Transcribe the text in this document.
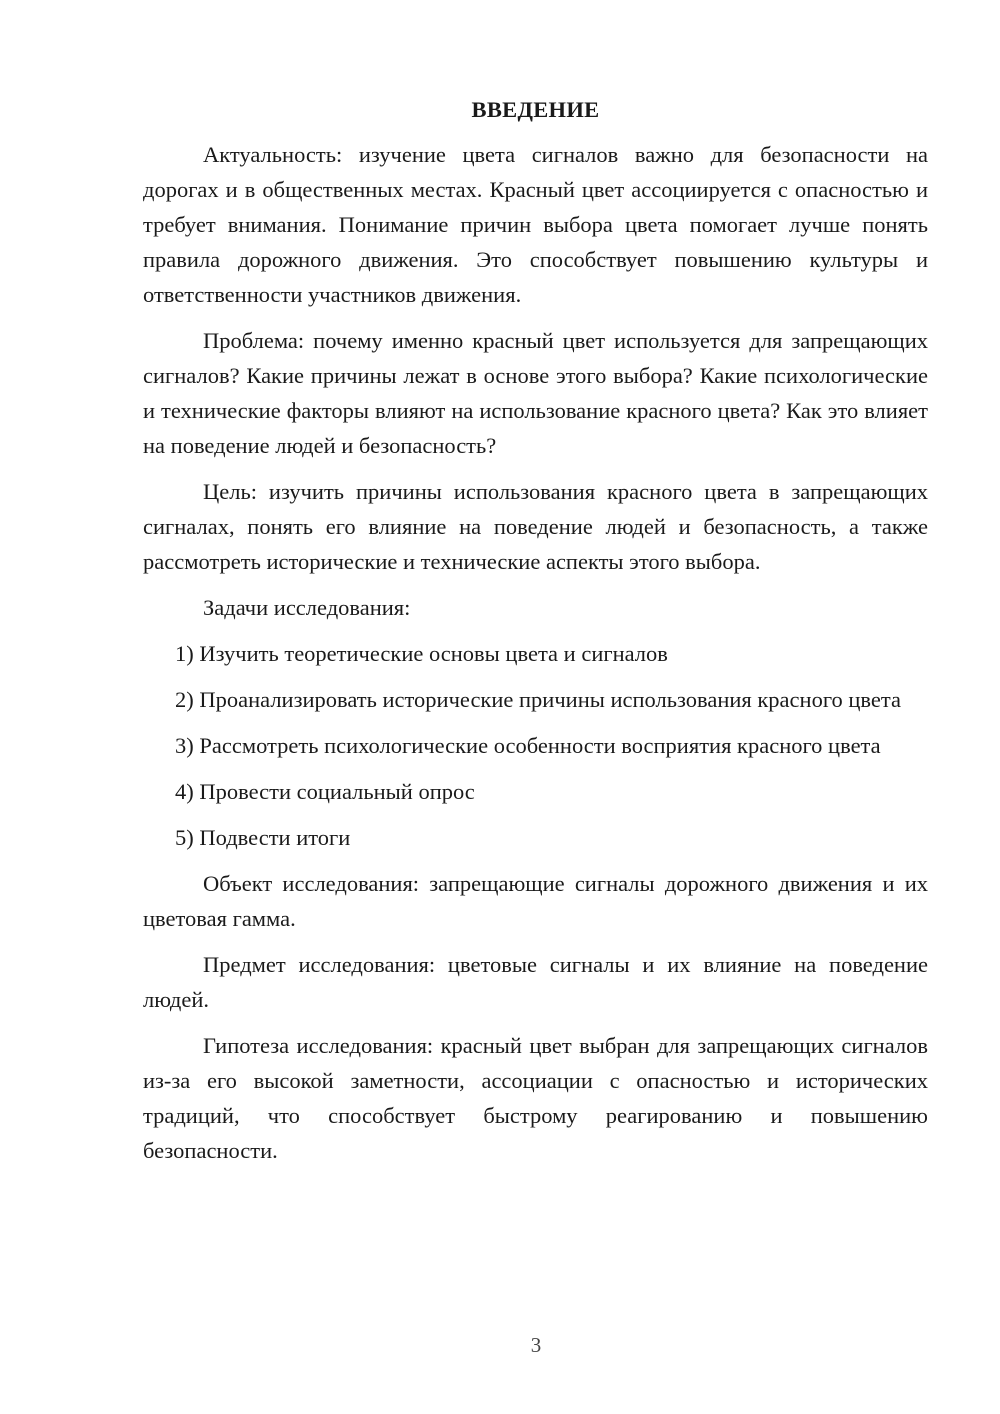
ВВЕДЕНИЕ

Актуальность: изучение цвета сигналов важно для безопасности на дорогах и в общественных местах. Красный цвет ассоциируется с опасностью и требует внимания. Понимание причин выбора цвета помогает лучше понять правила дорожного движения. Это способствует повышению культуры и ответственности участников движения.

Проблема: почему именно красный цвет используется для запрещающих сигналов? Какие причины лежат в основе этого выбора? Какие психологические и технические факторы влияют на использование красного цвета? Как это влияет на поведение людей и безопасность?

Цель: изучить причины использования красного цвета в запрещающих сигналах, понять его влияние на поведение людей и безопасность, а также рассмотреть исторические и технические аспекты этого выбора.

Задачи исследования:

1) Изучить теоретические основы цвета и сигналов

2) Проанализировать исторические причины использования красного цвета

3) Рассмотреть психологические особенности восприятия красного цвета

4) Провести социальный опрос

5) Подвести итоги

Объект исследования: запрещающие сигналы дорожного движения и их цветовая гамма.

Предмет исследования: цветовые сигналы и их влияние на поведение людей.

Гипотеза исследования: красный цвет выбран для запрещающих сигналов из-за его высокой заметности, ассоциации с опасностью и исторических традиций, что способствует быстрому реагированию и повышению безопасности.

3
